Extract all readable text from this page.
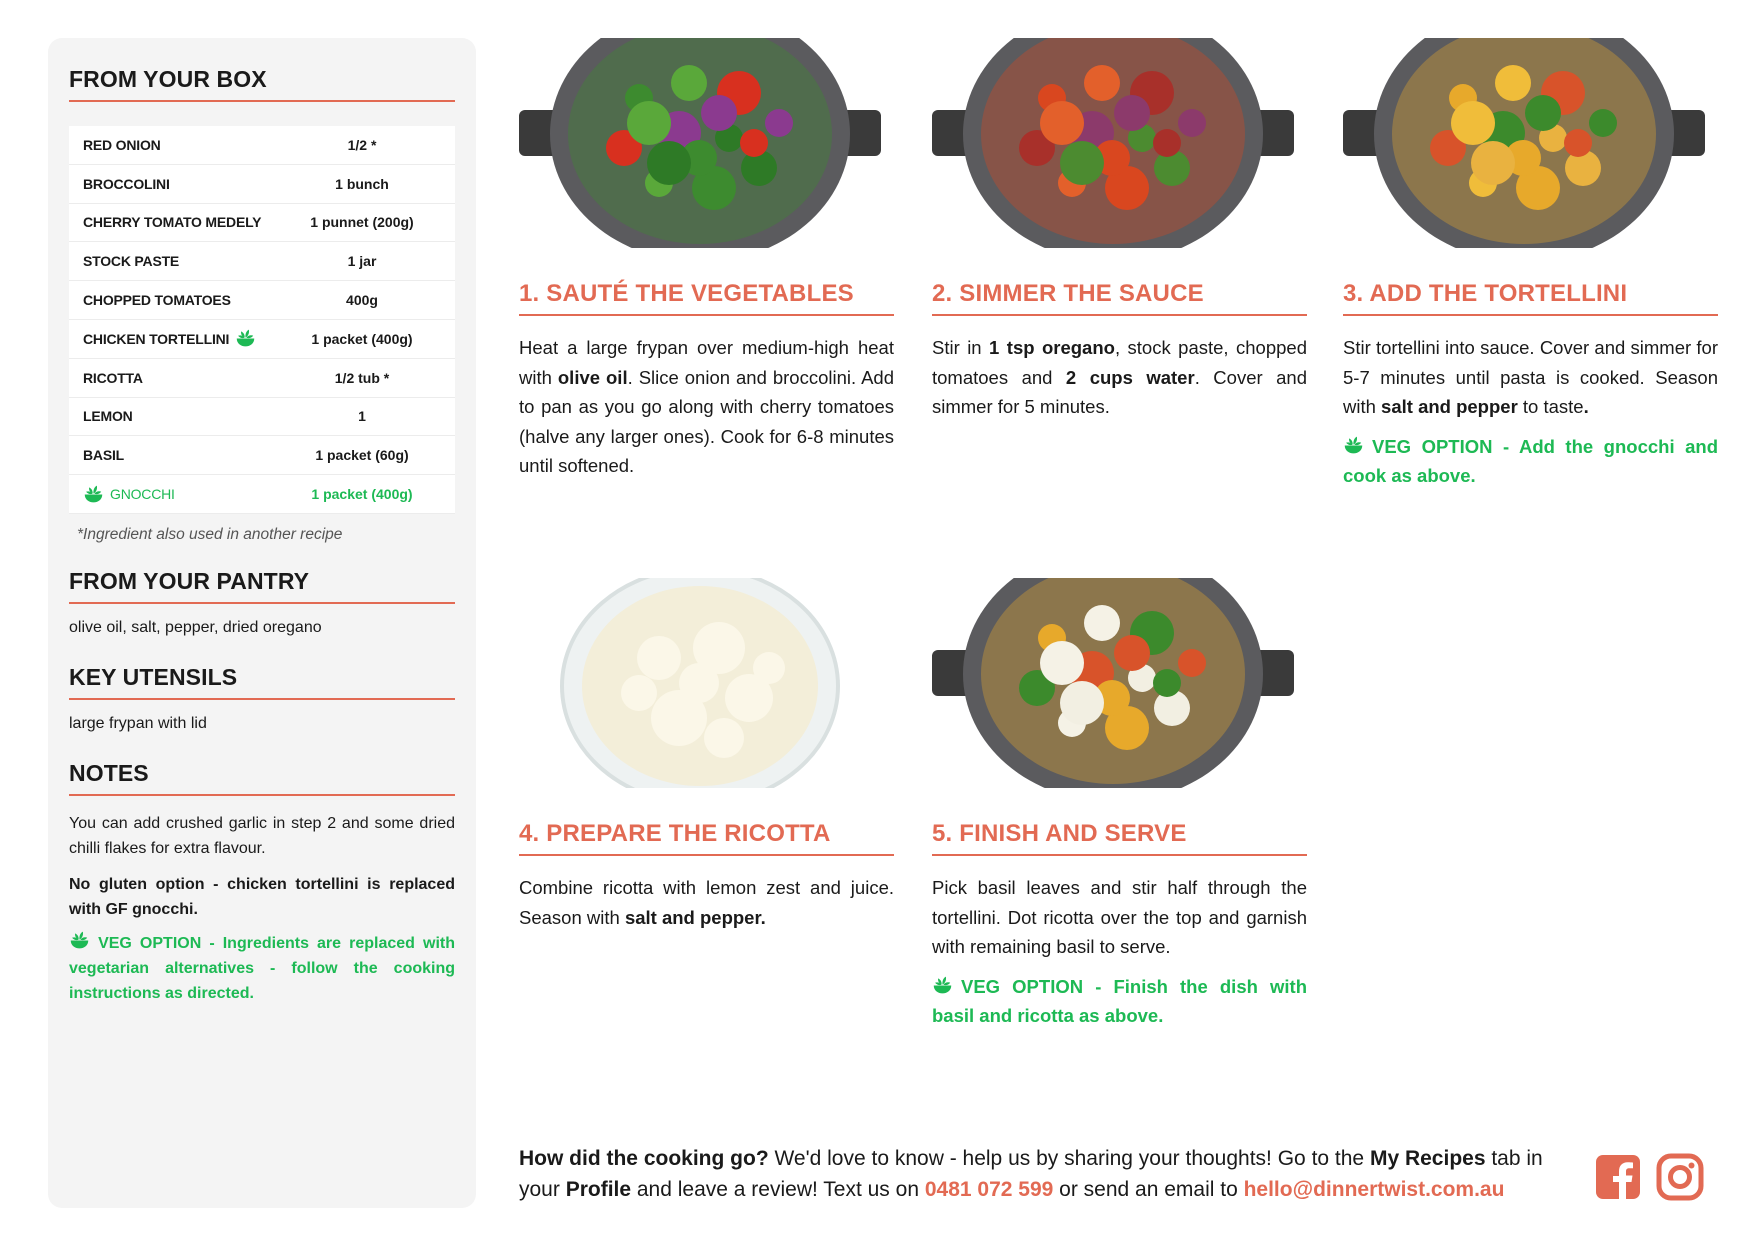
FROM YOUR BOX
RED ONION	1/2 *
BROCCOLINI	1 bunch
CHERRY TOMATO MEDELY	1 punnet (200g)
STOCK PASTE	1 jar
CHOPPED TOMATOES	400g
CHICKEN TORTELLINI	1 packet (400g)
RICOTTA	1/2 tub *
LEMON	1
BASIL	1 packet (60g)
GNOCCHI	1 packet (400g)
*Ingredient also used in another recipe
FROM YOUR PANTRY
olive oil, salt, pepper, dried oregano
KEY UTENSILS
large frypan with lid
NOTES
You can add crushed garlic in step 2 and some dried chilli flakes for extra flavour.
No gluten option - chicken tortellini is replaced with GF gnocchi.
VEG OPTION - Ingredients are replaced with vegetarian alternatives - follow the cooking instructions as directed.
1. SAUTÉ THE VEGETABLES
Heat a large frypan over medium-high heat with olive oil. Slice onion and broccolini. Add to pan as you go along with cherry tomatoes (halve any larger ones). Cook for 6-8 minutes until softened.
2. SIMMER THE SAUCE
Stir in 1 tsp oregano, stock paste, chopped tomatoes and 2 cups water. Cover and simmer for 5 minutes.
3. ADD THE TORTELLINI
Stir tortellini into sauce. Cover and simmer for 5-7 minutes until pasta is cooked. Season with salt and pepper to taste.
VEG OPTION - Add the gnocchi and cook as above.
4. PREPARE THE RICOTTA
Combine ricotta with lemon zest and juice. Season with salt and pepper.
5. FINISH AND SERVE
Pick basil leaves and stir half through the tortellini. Dot ricotta over the top and garnish with remaining basil to serve.
VEG OPTION - Finish the dish with basil and ricotta as above.
How did the cooking go? We'd love to know - help us by sharing your thoughts! Go to the My Recipes tab in your Profile and leave a review! Text us on 0481 072 599 or send an email to hello@dinnertwist.com.au
